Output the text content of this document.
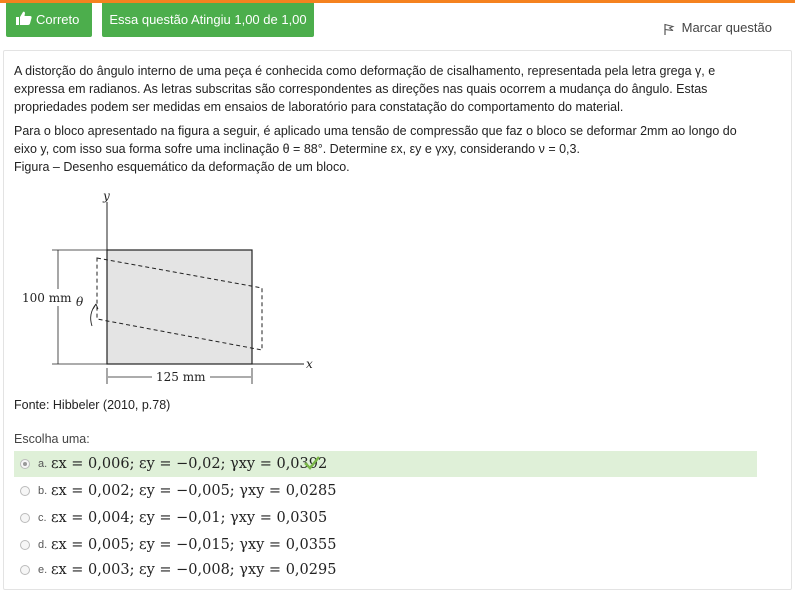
Correto	Essa questão Atingiu 1,00 de 1,00
Marcar questão
A distorção do ângulo interno de uma peça é conhecida como deformação de cisalhamento, representada pela letra grega γ, e
expressa em radianos. As letras subscritas são correspondentes as direções nas quais ocorrem a mudança do ângulo. Estas
propriedades podem ser medidas em ensaios de laboratório para constatação do comportamento do material.
Para o bloco apresentado na figura a seguir, é aplicado uma tensão de compressão que faz o bloco se deformar 2mm ao longo do
eixo y, com isso sua forma sofre uma inclinação θ = 88°. Determine εx, εy e γxy, considerando ν = 0,3.
Figura – Desenho esquemático da deformação de um bloco.
y
x
100 mm θ
125 mm
Fonte: Hibbeler (2010, p.78)
Escolha uma:
a. εx = 0,006; εy = −0,02; γxy = 0,0392
b. εx = 0,002; εy = −0,005; γxy = 0,0285
c. εx = 0,004; εy = −0,01; γxy = 0,0305
d. εx = 0,005; εy = −0,015; γxy = 0,0355
e. εx = 0,003; εy = −0,008; γxy = 0,0295
